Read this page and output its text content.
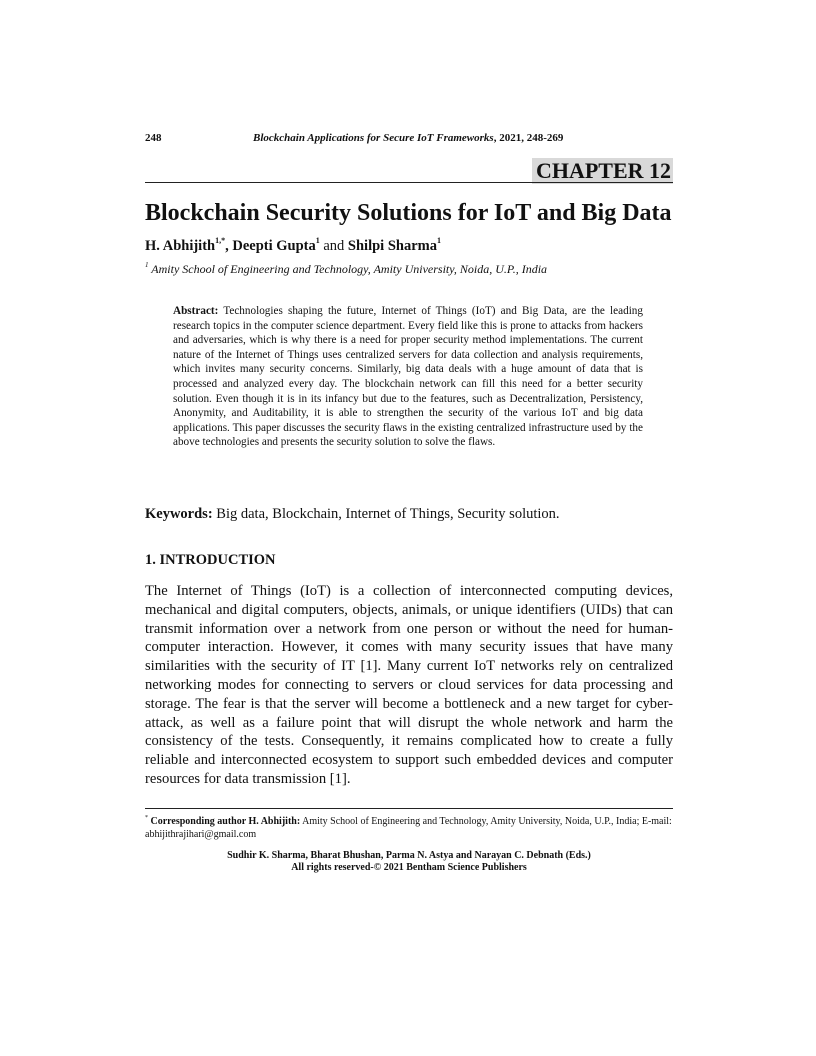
248	Blockchain Applications for Secure IoT Frameworks, 2021, 248-269
CHAPTER 12
Blockchain Security Solutions for IoT and Big Data
H. Abhijith$^{1,*}$, Deepti Gupta$^1$ and Shilpi Sharma$^1$
$^1$ Amity School of Engineering and Technology, Amity University, Noida, U.P., India
Abstract: Technologies shaping the future, Internet of Things (IoT) and Big Data, are the leading research topics in the computer science department. Every field like this is prone to attacks from hackers and adversaries, which is why there is a need for proper security method implementations. The current nature of the Internet of Things uses centralized servers for data collection and analysis requirements, which invites many security concerns. Similarly, big data deals with a huge amount of data that is processed and analyzed every day. The blockchain network can fill this need for a better security solution. Even though it is in its infancy but due to the features, such as Decentralization, Persistency, Anonymity, and Auditability, it is able to strengthen the security of the various IoT and big data applications. This paper discusses the security flaws in the existing centralized infrastructure used by the above technologies and presents the security solution to solve the flaws.
Keywords: Big data, Blockchain, Internet of Things, Security solution.
1. INTRODUCTION
The Internet of Things (IoT) is a collection of interconnected computing devices, mechanical and digital computers, objects, animals, or unique identifiers (UIDs) that can transmit information over a network from one person or without the need for human-computer interaction. However, it comes with many security issues that have many similarities with the security of IT [1]. Many current IoT networks rely on centralized networking modes for connecting to servers or cloud services for data processing and storage. The fear is that the server will become a bottleneck and a new target for cyber-attack, as well as a failure point that will disrupt the whole network and harm the consistency of the tests. Consequently, it remains complicated how to create a fully reliable and interconnected ecosystem to support such embedded devices and computer resources for data transmission [1].
* Corresponding author H. Abhijith: Amity School of Engineering and Technology, Amity University, Noida, U.P., India; E-mail: abhijithrajihari@gmail.com
Sudhir K. Sharma, Bharat Bhushan, Parma N. Astya and Narayan C. Debnath (Eds.)
All rights reserved-© 2021 Bentham Science Publishers
